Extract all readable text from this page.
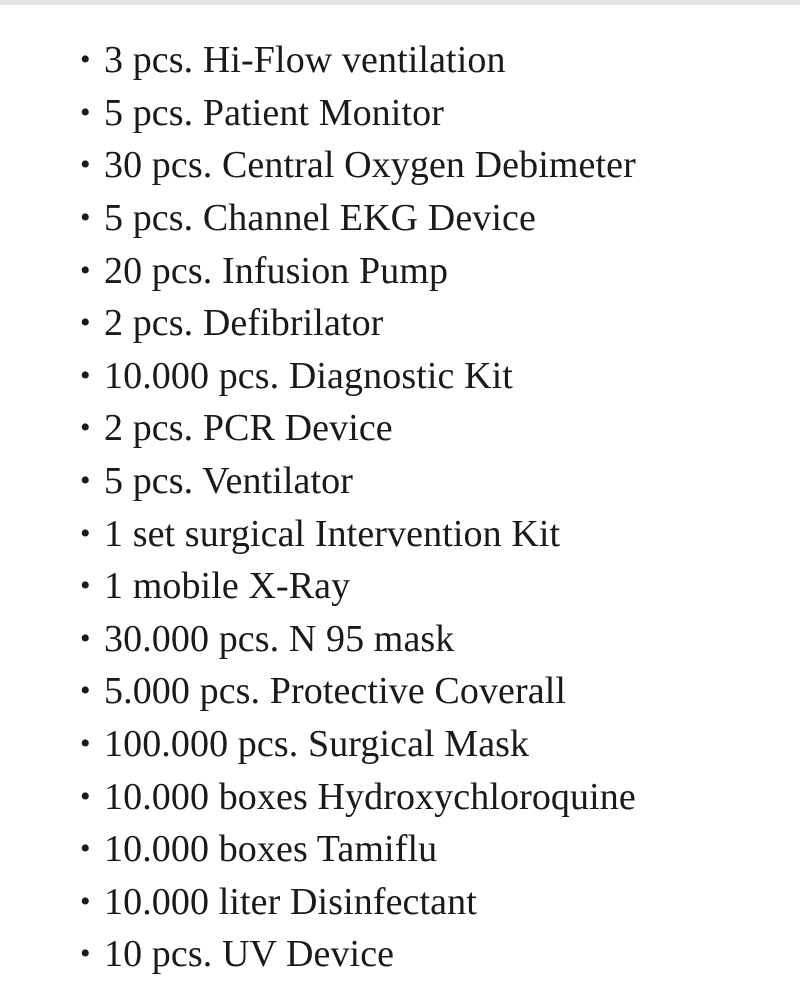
• 3 pcs. Hi-Flow ventilation
• 5 pcs. Patient Monitor
• 30 pcs. Central Oxygen Debimeter
• 5 pcs. Channel EKG Device
• 20 pcs. Infusion Pump
• 2 pcs. Defibrilator
• 10.000 pcs. Diagnostic Kit
• 2 pcs. PCR Device
• 5 pcs. Ventilator
• 1 set surgical Intervention Kit
• 1 mobile X-Ray
• 30.000 pcs. N 95 mask
• 5.000 pcs. Protective Coverall
• 100.000 pcs. Surgical Mask
• 10.000 boxes Hydroxychloroquine
• 10.000 boxes Tamiflu
• 10.000 liter Disinfectant
• 10 pcs. UV Device
